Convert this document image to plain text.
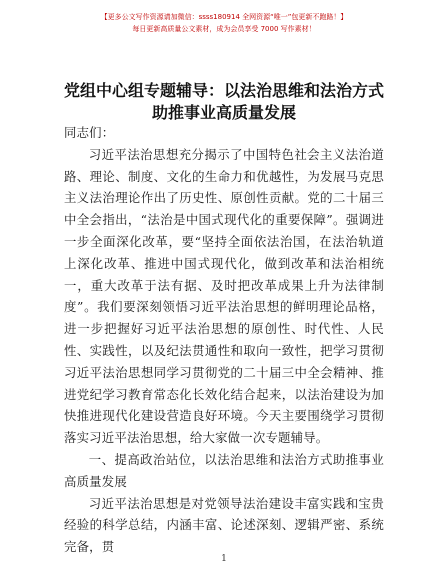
【更多公文写作资源请加微信：ssss180914 全网资源“唯一”包更新不跑路！】
每日更新高质量公文素材，成为会员享受 7000 写作素材！
党组中心组专题辅导：以法治思维和法治方式助推事业高质量发展

同志们：

习近平法治思想充分揭示了中国特色社会主义法治道路、理论、制度、文化的生命力和优越性，为发展马克思主义法治理论作出了历史性、原创性贡献。党的二十届三中全会指出，“法治是中国式现代化的重要保障”。强调进一步全面深化改革，要“坚持全面依法治国，在法治轨道上深化改革、推进中国式现代化，做到改革和法治相统一，重大改革于法有据、及时把改革成果上升为法律制度”。我们要深刻领悟习近平法治思想的鲜明理论品格，进一步把握好习近平法治思想的原创性、时代性、人民性、实践性，以及纪法贯通性和取向一致性，把学习贯彻习近平法治思想同学习贯彻党的二十届三中全会精神、推进党纪学习教育常态化长效化结合起来，以法治建设为加快推进现代化建设营造良好环境。今天主要围绕学习贯彻落实习近平法治思想，给大家做一次专题辅导。

一、提高政治站位，以法治思维和法治方式助推事业高质量发展

习近平法治思想是对党领导法治建设丰富实践和宝贵经验的科学总结，内涵丰富、论述深刻、逻辑严密、系统完备，贯

1
